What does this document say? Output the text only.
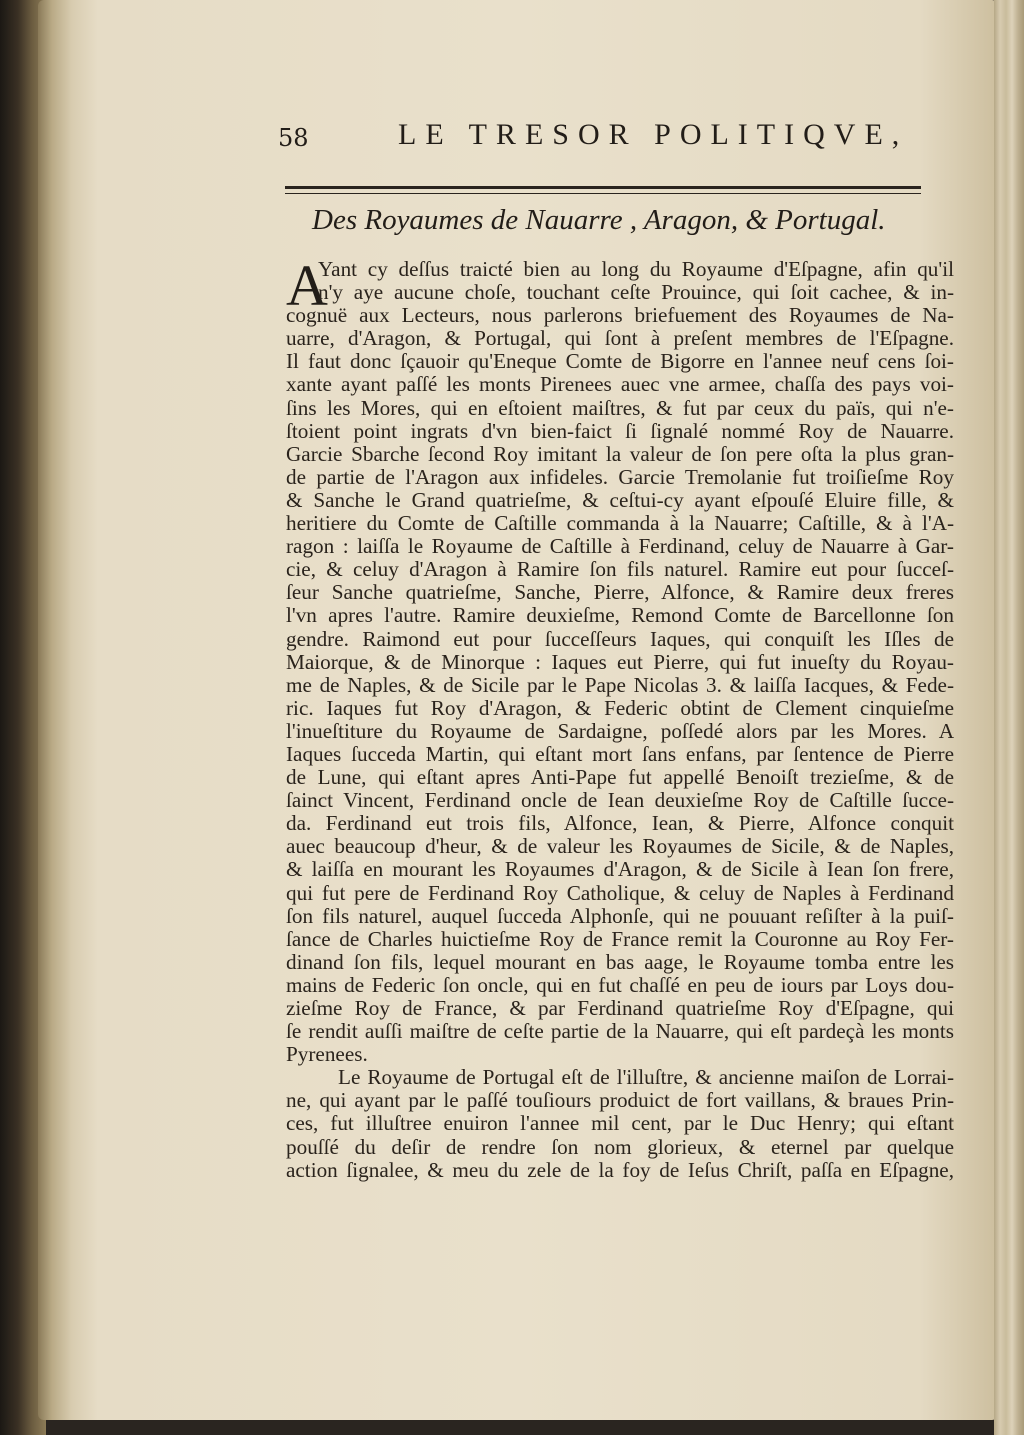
58	LE TRESOR POLITIQVE,
Des Royaumes de Nauarre , Aragon, & Portugal.
A
Yant cy deſſus traicté bien au long du Royaume d'Eſpagne, afin qu'il
n'y aye aucune choſe, touchant ceſte Prouince, qui ſoit cachee, & in-
cognuë aux Lecteurs, nous parlerons briefuement des Royaumes de Na-
uarre, d'Aragon, & Portugal, qui ſont à preſent membres de l'Eſpagne.
Il faut donc ſçauoir qu'Eneque Comte de Bigorre en l'annee neuf cens ſoi-
xante ayant paſſé les monts Pirenees auec vne armee, chaſſa des pays voi-
ſins les Mores, qui en eſtoient maiſtres, & fut par ceux du païs, qui n'e-
ſtoient point ingrats d'vn bien-faict ſi ſignalé nommé Roy de Nauarre.
Garcie Sbarche ſecond Roy imitant la valeur de ſon pere oſta la plus gran-
de partie de l'Aragon aux infideles. Garcie Tremolanie fut troiſieſme Roy
& Sanche le Grand quatrieſme, & ceſtui-cy ayant eſpouſé Eluire fille, &
heritiere du Comte de Caſtille commanda à la Nauarre; Caſtille, & à l'A-
ragon : laiſſa le Royaume de Caſtille à Ferdinand, celuy de Nauarre à Gar-
cie, & celuy d'Aragon à Ramire ſon fils naturel. Ramire eut pour ſucceſ-
ſeur Sanche quatrieſme, Sanche, Pierre, Alfonce, & Ramire deux freres
l'vn apres l'autre. Ramire deuxieſme, Remond Comte de Barcellonne ſon
gendre. Raimond eut pour ſucceſſeurs Iaques, qui conquiſt les Iſles de
Maiorque, & de Minorque : Iaques eut Pierre, qui fut inueſty du Royau-
me de Naples, & de Sicile par le Pape Nicolas 3. & laiſſa Iacques, & Fede-
ric. Iaques fut Roy d'Aragon, & Federic obtint de Clement cinquieſme
l'inueſtiture du Royaume de Sardaigne, poſſedé alors par les Mores. A
Iaques ſucceda Martin, qui eſtant mort ſans enfans, par ſentence de Pierre
de Lune, qui eſtant apres Anti-Pape fut appellé Benoiſt trezieſme, & de
ſainct Vincent, Ferdinand oncle de Iean deuxieſme Roy de Caſtille ſucce-
da. Ferdinand eut trois fils, Alfonce, Iean, & Pierre, Alfonce conquit
auec beaucoup d'heur, & de valeur les Royaumes de Sicile, & de Naples,
& laiſſa en mourant les Royaumes d'Aragon, & de Sicile à Iean ſon frere,
qui fut pere de Ferdinand Roy Catholique, & celuy de Naples à Ferdinand
ſon fils naturel, auquel ſucceda Alphonſe, qui ne pouuant reſiſter à la puiſ-
ſance de Charles huictieſme Roy de France remit la Couronne au Roy Fer-
dinand ſon fils, lequel mourant en bas aage, le Royaume tomba entre les
mains de Federic ſon oncle, qui en fut chaſſé en peu de iours par Loys dou-
zieſme Roy de France, & par Ferdinand quatrieſme Roy d'Eſpagne, qui
ſe rendit auſſi maiſtre de ceſte partie de la Nauarre, qui eſt pardeçà les monts
Pyrenees.
Le Royaume de Portugal eſt de l'illuſtre, & ancienne maiſon de Lorrai-
ne, qui ayant par le paſſé touſiours produict de fort vaillans, & braues Prin-
ces, fut illuſtree enuiron l'annee mil cent, par le Duc Henry; qui eſtant
pouſſé du deſir de rendre ſon nom glorieux, & eternel par quelque
action ſignalee, & meu du zele de la foy de Ieſus Chriſt, paſſa en Eſpagne,
